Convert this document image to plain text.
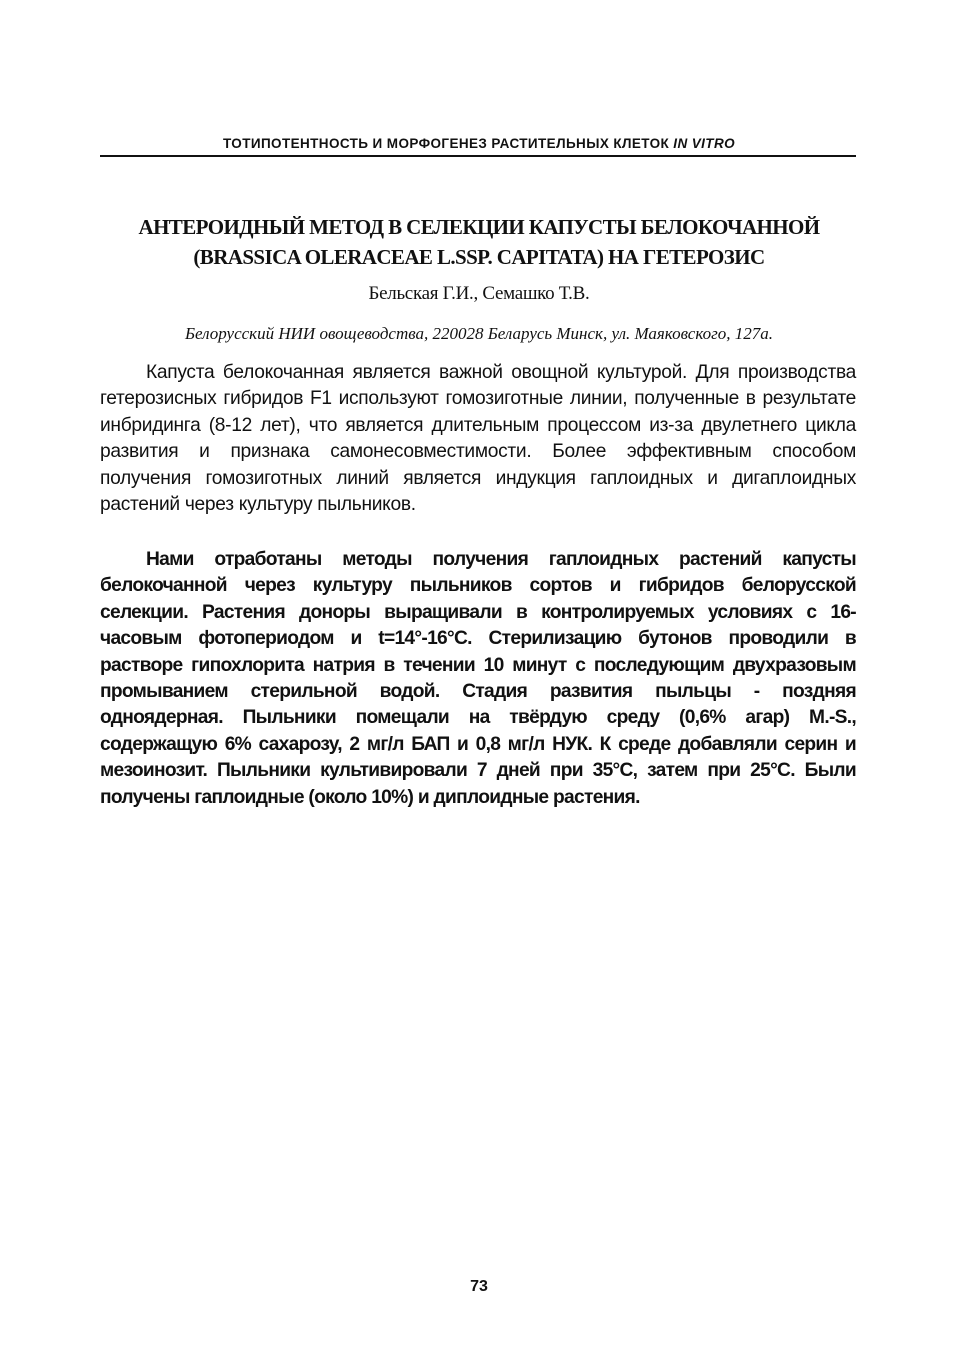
ТОТИПОТЕНТНОСТЬ И МОРФОГЕНЕЗ РАСТИТЕЛЬНЫХ КЛЕТОК IN VITRO
АНТЕРОИДНЫЙ МЕТОД В СЕЛЕКЦИИ КАПУСТЫ БЕЛОКОЧАННОЙ
(BRASSICA OLERACEAE L.SSP. CAPITATA) НА ГЕТЕРОЗИС

Бельская Г.И., Семашко Т.В.

Белорусский НИИ овощеводства, 220028 Беларусь Минск, ул. Маяковского, 127а.

Капуста белокочанная является важной овощной культурой. Для производства гетерозисных гибридов F1 используют гомозиготные линии, полученные в результате инбридинга (8-12 лет), что является длительным процессом из-за двулетнего цикла развития и признака самонесовместимости. Более эффективным способом получения гомозиготных линий является индукция гаплоидных и дигаплоидных растений через культуру пыльников.

Нами отработаны методы получения гаплоидных растений капусты белокочанной через культуру пыльников сортов и гибридов белорусской селекции. Растения доноры выращивали в контролируемых условиях с 16-часовым фотопериодом и t=14°-16°С. Стерилизацию бутонов проводили в растворе гипохлорита натрия в течении 10 минут с последующим двухразовым промыванием стерильной водой. Стадия развития пыльцы - поздняя одноядерная. Пыльники помещали на твёрдую среду (0,6% агар) M.-S., содержащую 6% сахарозу, 2 мг/л БАП и 0,8 мг/л НУК. К среде добавляли серин и мезоинозит. Пыльники культивировали 7 дней при 35°С, затем при 25°С. Были получены гаплоидные (около 10%) и диплоидные растения.

73
